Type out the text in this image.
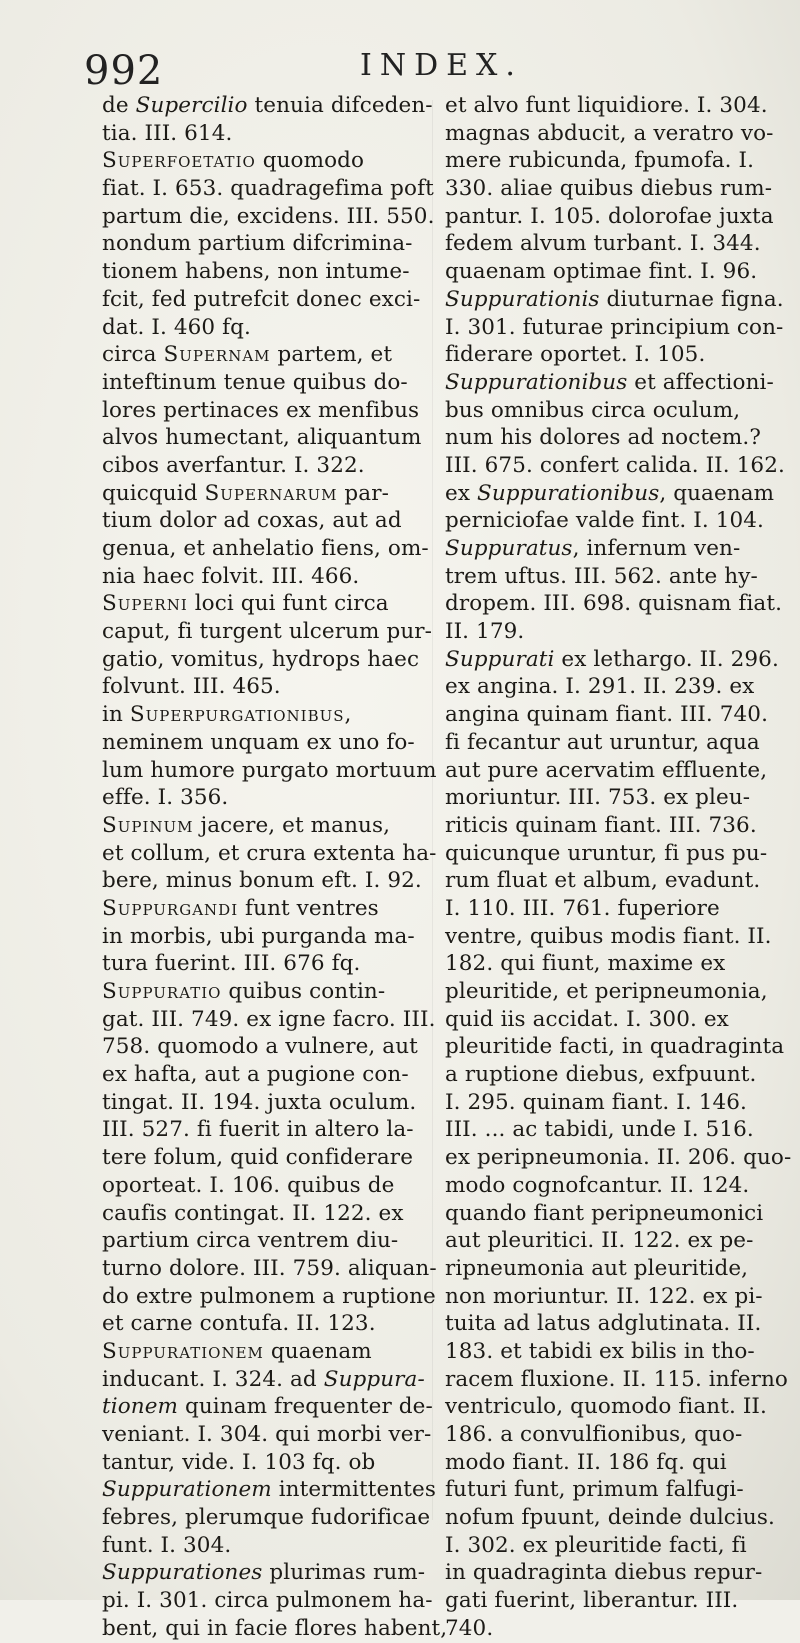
992	INDEX.
de Supercilio tenuia difceden-
tia. III. 614.
Superfoetatio quomodo
fiat. I. 653. quadragefima poft
partum die, excidens. III. 550.
nondum partium difcrimina-
tionem habens, non intume-
fcit, fed putrefcit donec exci-
dat. I. 460 fq.
circa Supernam partem, et
inteftinum tenue quibus do-
lores pertinaces ex menfibus
alvos humectant, aliquantum
cibos averfantur. I. 322.
quicquid Supernarum par-
tium dolor ad coxas, aut ad
genua, et anhelatio fiens, om-
nia haec folvit. III. 466.
Superni loci qui funt circa
caput, fi turgent ulcerum pur-
gatio, vomitus, hydrops haec
folvunt. III. 465.
in Superpurgationibus,
neminem unquam ex uno fo-
lum humore purgato mortuum
effe. I. 356.
Supinum jacere, et manus,
et collum, et crura extenta ha-
bere, minus bonum eft. I. 92.
Suppurgandi funt ventres
in morbis, ubi purganda ma-
tura fuerint. III. 676 fq.
Suppuratio quibus contin-
gat. III. 749. ex igne facro. III.
758. quomodo a vulnere, aut
ex hafta, aut a pugione con-
tingat. II. 194. juxta oculum.
III. 527. fi fuerit in altero la-
tere folum, quid confiderare
oporteat. I. 106. quibus de
caufis contingat. II. 122. ex
partium circa ventrem diu-
turno dolore. III. 759. aliquan-
do extre pulmonem a ruptione
et carne contufa. II. 123.
Suppurationem quaenam
inducant. I. 324. ad Suppura-
tionem quinam frequenter de-
veniant. I. 304. qui morbi ver-
tantur, vide. I. 103 fq. ob
Suppurationem intermittentes
febres, plerumque fudorificae
funt. I. 304.
Suppurationes plurimas rum-
pi. I. 301. circa pulmonem ha-
bent, qui in facie flores habent,
et alvo funt liquidiore. I. 304.
magnas abducit, a veratro vo-
mere rubicunda, fpumofa. I.
330. aliae quibus diebus rum-
pantur. I. 105. dolorofae juxta
fedem alvum turbant. I. 344.
quaenam optimae fint. I. 96.
Suppurationis diuturnae figna.
I. 301. futurae principium con-
fiderare oportet. I. 105.
Suppurationibus et affectioni-
bus omnibus circa oculum,
num his dolores ad noctem.?
III. 675. confert calida. II. 162.
ex Suppurationibus, quaenam
perniciofae valde fint. I. 104.
Suppuratus, infernum ven-
trem uftus. III. 562. ante hy-
dropem. III. 698. quisnam fiat.
II. 179.
Suppurati ex lethargo. II. 296.
ex angina. I. 291. II. 239. ex
angina quinam fiant. III. 740.
fi fecantur aut uruntur, aqua
aut pure acervatim effluente,
moriuntur. III. 753. ex pleu-
riticis quinam fiant. III. 736.
quicunque uruntur, fi pus pu-
rum fluat et album, evadunt.
I. 110. III. 761. fuperiore
ventre, quibus modis fiant. II.
182. qui fiunt, maxime ex
pleuritide, et peripneumonia,
quid iis accidat. I. 300. ex
pleuritide facti, in quadraginta
a ruptione diebus, exfpuunt.
I. 295. quinam fiant. I. 146.
III. ... ac tabidi, unde I. 516.
ex peripneumonia. II. 206. quo-
modo cognofcantur. II. 124.
quando fiant peripneumonici
aut pleuritici. II. 122. ex pe-
ripneumonia aut pleuritide,
non moriuntur. II. 122. ex pi-
tuita ad latus adglutinata. II.
183. et tabidi ex bilis in tho-
racem fluxione. II. 115. inferno
ventriculo, quomodo fiant. II.
186. a convulfionibus, quo-
modo fiant. II. 186 fq. qui
futuri funt, primum falfugi-
nofum fpuunt, deinde dulcius.
I. 302. ex pleuritide facti, fi
in quadraginta diebus repur-
gati fuerint, liberantur. III.
740.
